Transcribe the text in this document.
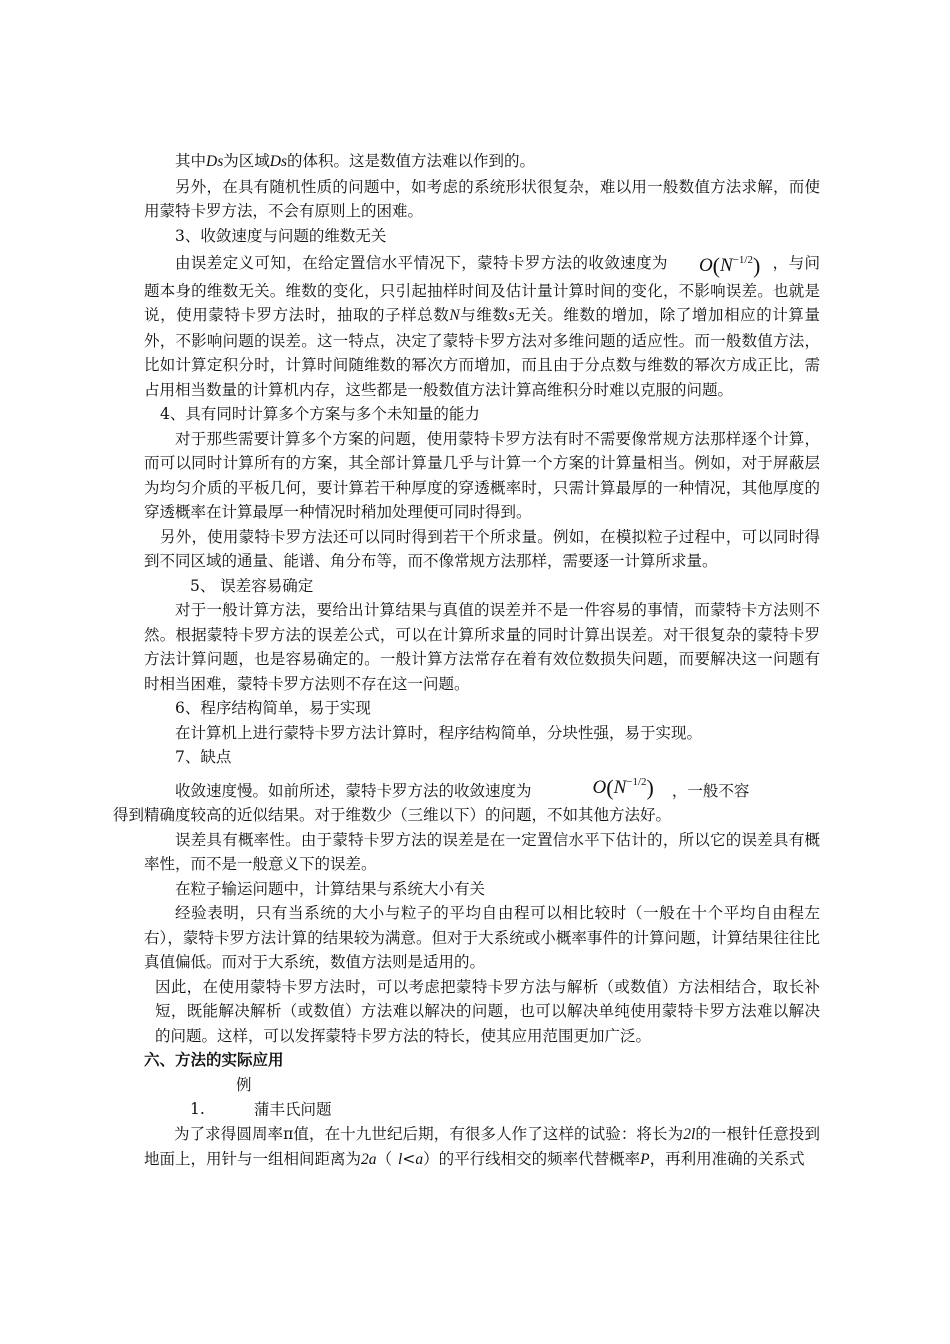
其中Ds为区域Ds的体积。这是数值方法难以作到的。

另外，在具有随机性质的问题中，如考虑的系统形状很复杂，难以用一般数值方法求解，而使用蒙特卡罗方法，不会有原则上的困难。

3、收敛速度与问题的维数无关

由误差定义可知，在给定置信水平情况下，蒙特卡罗方法的收敛速度为 $O(N^{-1/2})$ ，与问题本身的维数无关。维数的变化，只引起抽样时间及估计量计算时间的变化，不影响误差。也就是说，使用蒙特卡罗方法时，抽取的子样总数N与维数s无关。维数的增加，除了增加相应的计算量外，不影响问题的误差。这一特点，决定了蒙特卡罗方法对多维问题的适应性。而一般数值方法，比如计算定积分时，计算时间随维数的幂次方而增加，而且由于分点数与维数的幂次方成正比，需占用相当数量的计算机内存，这些都是一般数值方法计算高维积分时难以克服的问题。

4、具有同时计算多个方案与多个未知量的能力

对于那些需要计算多个方案的问题，使用蒙特卡罗方法有时不需要像常规方法那样逐个计算，而可以同时计算所有的方案，其全部计算量几乎与计算一个方案的计算量相当。例如，对于屏蔽层为均匀介质的平板几何，要计算若干种厚度的穿透概率时，只需计算最厚的一种情况，其他厚度的穿透概率在计算最厚一种情况时稍加处理便可同时得到。

另外，使用蒙特卡罗方法还可以同时得到若干个所求量。例如，在模拟粒子过程中，可以同时得到不同区域的通量、能谱、角分布等，而不像常规方法那样，需要逐一计算所求量。

5、 误差容易确定

对于一般计算方法，要给出计算结果与真值的误差并不是一件容易的事情，而蒙特卡方法则不然。根据蒙特卡罗方法的误差公式，可以在计算所求量的同时计算出误差。对干很复杂的蒙特卡罗方法计算问题，也是容易确定的。一般计算方法常存在着有效位数损失问题，而要解决这一问题有时相当困难，蒙特卡罗方法则不存在这一问题。

6、程序结构简单，易于实现

在计算机上进行蒙特卡罗方法计算时，程序结构简单，分块性强，易于实现。

7、缺点

收敛速度慢。如前所述，蒙特卡罗方法的收敛速度为	$O(N^{-1/2})$ ，一般不容
得到精确度较高的近似结果。对于维数少（三维以下）的问题，不如其他方法好。

误差具有概率性。由于蒙特卡罗方法的误差是在一定置信水平下估计的，所以它的误差具有概率性，而不是一般意义下的误差。

在粒子输运问题中，计算结果与系统大小有关

经验表明，只有当系统的大小与粒子的平均自由程可以相比较时（一般在十个平均自由程左右），蒙特卡罗方法计算的结果较为满意。但对于大系统或小概率事件的计算问题，计算结果往往比真值偏低。而对于大系统，数值方法则是适用的。

因此，在使用蒙特卡罗方法时，可以考虑把蒙特卡罗方法与解析（或数值）方法相结合，取长补短，既能解决解析（或数值）方法难以解决的问题，也可以解决单纯使用蒙特卡罗方法难以解决的问题。这样，可以发挥蒙特卡罗方法的特长，使其应用范围更加广泛。

六、方法的实际应用

例1.	蒲丰氏问题

为了求得圆周率π值，在十九世纪后期，有很多人作了这样的试验：将长为2l的一根针任意投到地面上，用针与一组相间距离为2a（ l<a）的平行线相交的频率代替概率P，再利用准确的关系式
